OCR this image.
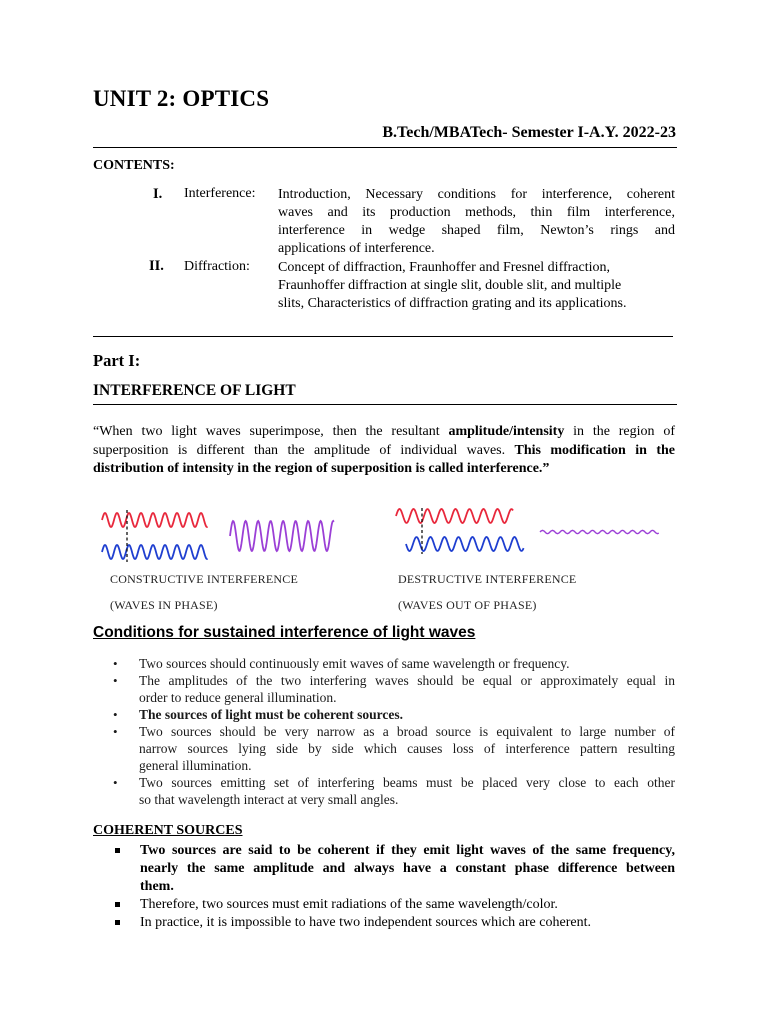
UNIT 2: OPTICS
B.Tech/MBATech- Semester I-A.Y. 2022-23
CONTENTS:
I. Interference: Introduction, Necessary conditions for interference, coherent
waves and its production methods, thin film interference,
interference in wedge shaped film, Newton’s rings and
applications of interference.
II. Diffraction: Concept of diffraction, Fraunhoffer and Fresnel diffraction,
Fraunhoffer diffraction at single slit, double slit, and multiple
slits, Characteristics of diffraction grating and its applications.
Part I:
INTERFERENCE OF LIGHT
“When two light waves superimpose, then the resultant amplitude/intensity in the region of
superposition is different than the amplitude of individual waves. This modification in the
distribution of intensity in the region of superposition is called interference.”
CONSTRUCTIVE INTERFERENCE
(WAVES IN PHASE)
DESTRUCTIVE INTERFERENCE
(WAVES OUT OF PHASE)
Conditions for sustained interference of light waves
• Two sources should continuously emit waves of same wavelength or frequency.
• The amplitudes of the two interfering waves should be equal or approximately equal in
order to reduce general illumination.
• The sources of light must be coherent sources.
• Two sources should be very narrow as a broad source is equivalent to large number of
narrow sources lying side by side which causes loss of interference pattern resulting
general illumination.
• Two sources emitting set of interfering beams must be placed very close to each other
so that wavelength interact at very small angles.
COHERENT SOURCES
Two sources are said to be coherent if they emit light waves of the same frequency,
nearly the same amplitude and always have a constant phase difference between
them.
Therefore, two sources must emit radiations of the same wavelength/color.
In practice, it is impossible to have two independent sources which are coherent.
